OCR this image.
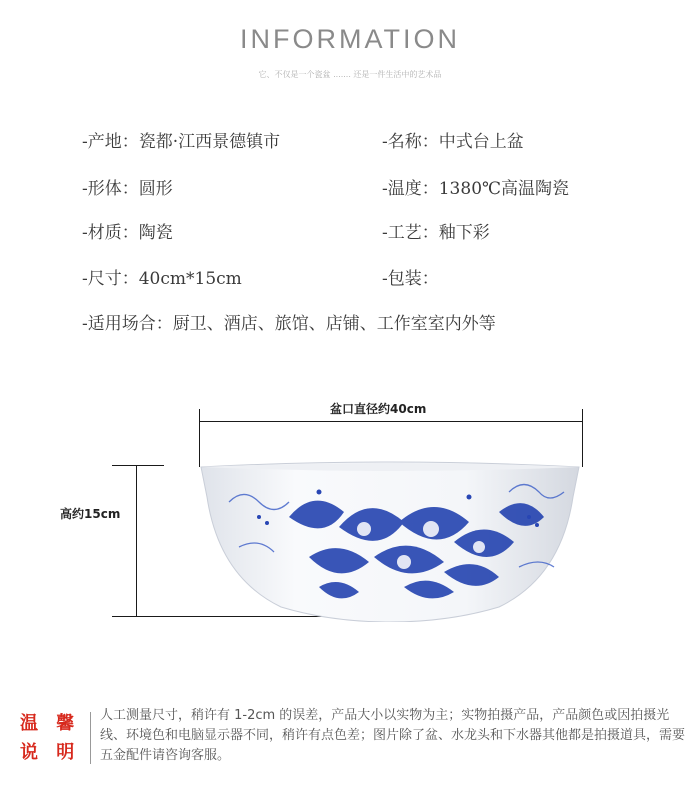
INFORMATION
它、不仅是一个瓷盆 ....... 还是一件生活中的艺术品
-产地：瓷都·江西景德镇市	-名称：中式台上盆
-形体：圆形	-温度：1380℃高温陶瓷
-材质：陶瓷	-工艺：釉下彩
-尺寸：40cm*15cm	-包装：
-适用场合：厨卫、酒店、旅馆、店铺、工作室室内外等
盆口直径约40cm
高约15cm
温 馨
说 明
人工测量尺寸，稍许有 1-2cm 的误差，产品大小以实物为主；实物拍摄产品，产品颜色或因拍摄光线、环境色和电脑显示器不同，稍许有点色差；图片除了盆、水龙头和下水器其他都是拍摄道具，需要五金配件请咨询客服。
